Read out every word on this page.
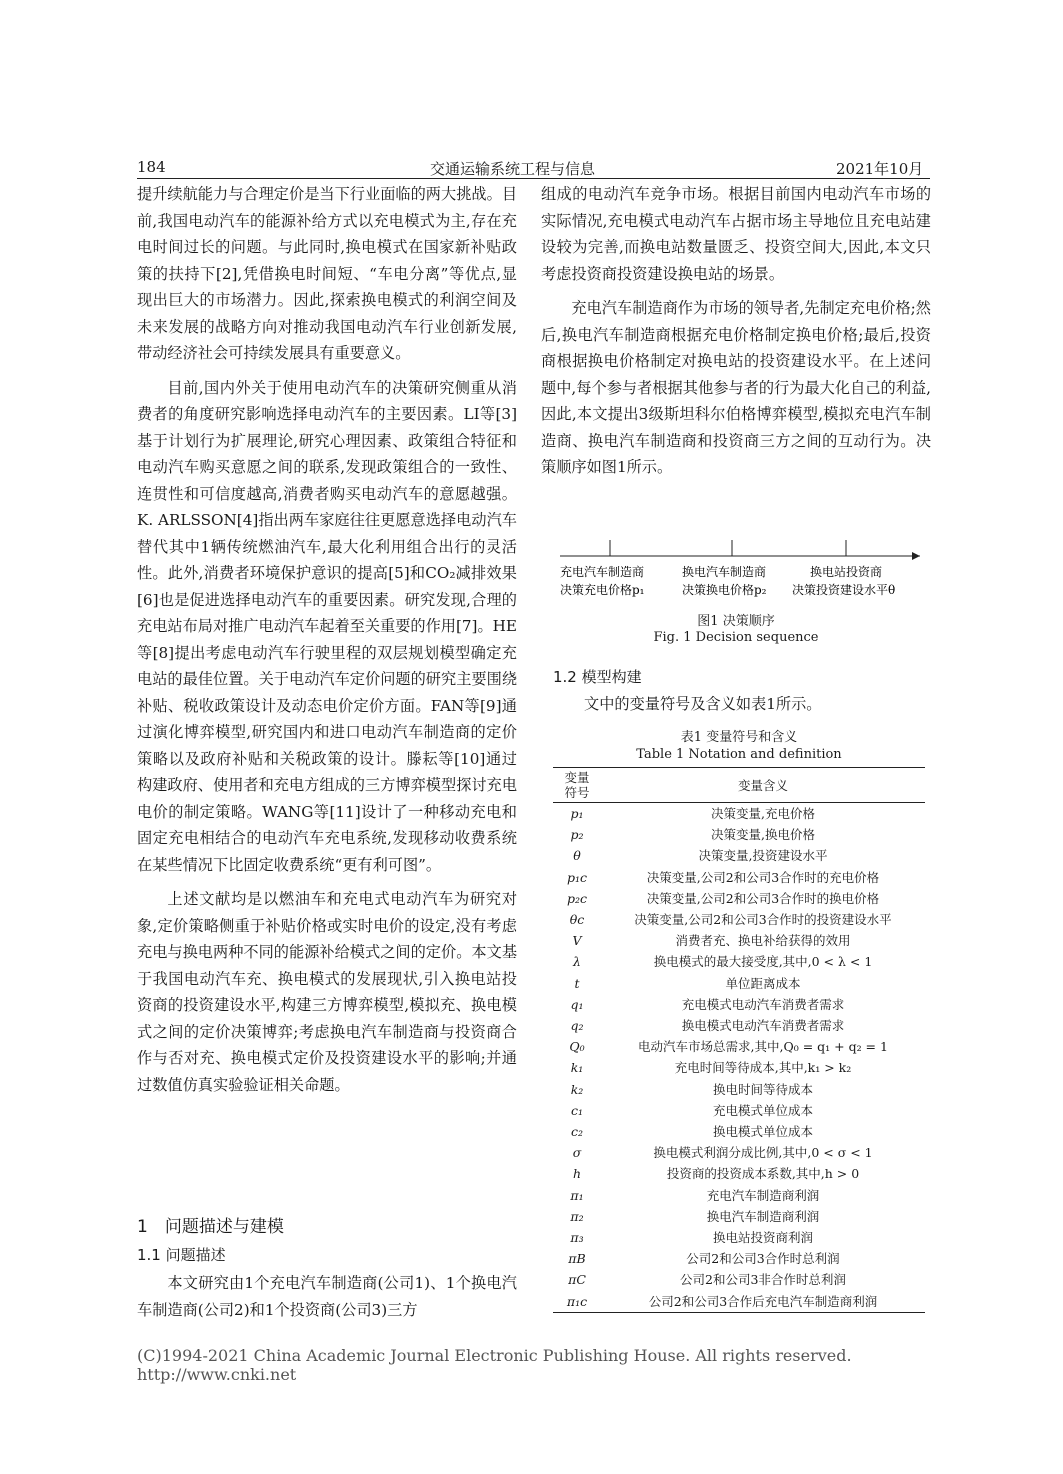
184	交通运输系统工程与信息	2021年10月

提升续航能力与合理定价是当下行业面临的两大挑战。目前,我国电动汽车的能源补给方式以充电模式为主,存在充电时间过长的问题。与此同时,换电模式在国家新补贴政策的扶持下[2],凭借换电时间短、“车电分离”等优点,显现出巨大的市场潜力。因此,探索换电模式的利润空间及未来发展的战略方向对推动我国电动汽车行业创新发展,带动经济社会可持续发展具有重要意义。

目前,国内外关于使用电动汽车的决策研究侧重从消费者的角度研究影响选择电动汽车的主要因素。LI等[3]基于计划行为扩展理论,研究心理因素、政策组合特征和电动汽车购买意愿之间的联系,发现政策组合的一致性、连贯性和可信度越高,消费者购买电动汽车的意愿越强。K. ARLSSON[4]指出两车家庭往往更愿意选择电动汽车替代其中1辆传统燃油汽车,最大化利用组合出行的灵活性。此外,消费者环境保护意识的提高[5]和CO₂减排效果[6]也是促进选择电动汽车的重要因素。研究发现,合理的充电站布局对推广电动汽车起着至关重要的作用[7]。HE等[8]提出考虑电动汽车行驶里程的双层规划模型确定充电站的最佳位置。关于电动汽车定价问题的研究主要围绕补贴、税收政策设计及动态电价定价方面。FAN等[9]通过演化博弈模型,研究国内和进口电动汽车制造商的定价策略以及政府补贴和关税政策的设计。滕耘等[10]通过构建政府、使用者和充电方组成的三方博弈模型探讨充电电价的制定策略。WANG等[11]设计了一种移动充电和固定充电相结合的电动汽车充电系统,发现移动收费系统在某些情况下比固定收费系统“更有利可图”。

上述文献均是以燃油车和充电式电动汽车为研究对象,定价策略侧重于补贴价格或实时电价的设定,没有考虑充电与换电两种不同的能源补给模式之间的定价。本文基于我国电动汽车充、换电模式的发展现状,引入换电站投资商的投资建设水平,构建三方博弈模型,模拟充、换电模式之间的定价决策博弈;考虑换电汽车制造商与投资商合作与否对充、换电模式定价及投资建设水平的影响;并通过数值仿真实验验证相关命题。

1　问题描述与建模
1.1 问题描述

本文研究由1个充电汽车制造商(公司1)、1个换电汽车制造商(公司2)和1个投资商(公司3)三方

组成的电动汽车竞争市场。根据目前国内电动汽车市场的实际情况,充电模式电动汽车占据市场主导地位且充电站建设较为完善,而换电站数量匮乏、投资空间大,因此,本文只考虑投资商投资建设换电站的场景。

充电汽车制造商作为市场的领导者,先制定充电价格;然后,换电汽车制造商根据充电价格制定换电价格;最后,投资商根据换电价格制定对换电站的投资建设水平。在上述问题中,每个参与者根据其他参与者的行为最大化自己的利益,因此,本文提出3级斯坦科尔伯格博弈模型,模拟充电汽车制造商、换电汽车制造商和投资商三方之间的互动行为。决策顺序如图1所示。

充电汽车制造商
决策充电价格p₁
换电汽车制造商
决策换电价格p₂
换电站投资商
决策投资建设水平θ
图1 决策顺序
Fig. 1 Decision sequence
1.2 模型构建
文中的变量符号及含义如表1所示。
表1 变量符号和含义
Table 1 Notation and definition
变量
符号	变量含义
p₁	决策变量,充电价格
p₂	决策变量,换电价格
θ	决策变量,投资建设水平
p₁c	决策变量,公司2和公司3合作时的充电价格
p₂c	决策变量,公司2和公司3合作时的换电价格
θc	决策变量,公司2和公司3合作时的投资建设水平
V	消费者充、换电补给获得的效用
λ	换电模式的最大接受度,其中,0 < λ < 1
t	单位距离成本
q₁	充电模式电动汽车消费者需求
q₂	换电模式电动汽车消费者需求
Q₀	电动汽车市场总需求,其中,Q₀ = q₁ + q₂ = 1
k₁	充电时间等待成本,其中,k₁ > k₂
k₂	换电时间等待成本
c₁	充电模式单位成本
c₂	换电模式单位成本
σ	换电模式利润分成比例,其中,0 < σ < 1
h	投资商的投资成本系数,其中,h > 0
π₁	充电汽车制造商利润
π₂	换电汽车制造商利润
π₃	换电站投资商利润
πB	公司2和公司3合作时总利润
πC	公司2和公司3非合作时总利润
π₁c	公司2和公司3合作后充电汽车制造商利润
(C)1994-2021 China Academic Journal Electronic Publishing House. All rights reserved. http://www.cnki.net
